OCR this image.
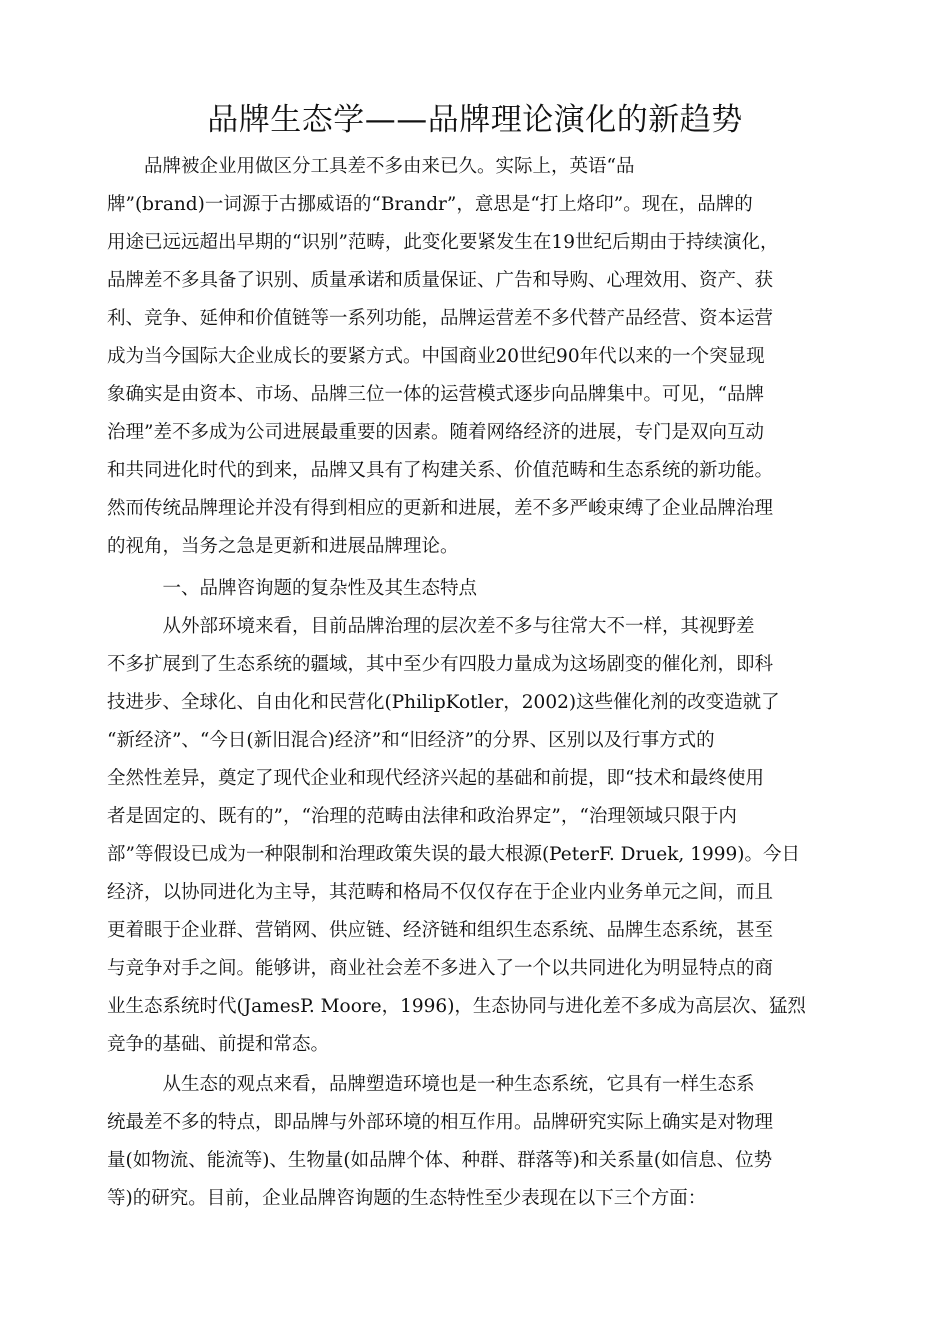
品牌生态学——品牌理论演化的新趋势
　　品牌被企业用做区分工具差不多由来已久。实际上，英语“品
牌”(brand)一词源于古挪威语的“Brandr”，意思是“打上烙印”。现在，品牌的
用途已远远超出早期的“识别”范畴，此变化要紧发生在19世纪后期由于持续演化，
品牌差不多具备了识别、质量承诺和质量保证、广告和导购、心理效用、资产、获
利、竞争、延伸和价值链等一系列功能，品牌运营差不多代替产品经营、资本运营
成为当今国际大企业成长的要紧方式。中国商业20世纪90年代以来的一个突显现
象确实是由资本、市场、品牌三位一体的运营模式逐步向品牌集中。可见，“品牌
治理”差不多成为公司进展最重要的因素。随着网络经济的进展，专门是双向互动
和共同进化时代的到来，品牌又具有了构建关系、价值范畴和生态系统的新功能。
然而传统品牌理论并没有得到相应的更新和进展，差不多严峻束缚了企业品牌治理
的视角，当务之急是更新和进展品牌理论。
　　　一、品牌咨询题的复杂性及其生态特点
　　　从外部环境来看，目前品牌治理的层次差不多与往常大不一样，其视野差
不多扩展到了生态系统的疆域，其中至少有四股力量成为这场剧变的催化剂，即科
技进步、全球化、自由化和民营化(PhilipKotler，2002)这些催化剂的改变造就了
“新经济”、“今日(新旧混合)经济”和“旧经济”的分界、区别以及行事方式的
全然性差异，奠定了现代企业和现代经济兴起的基础和前提，即“技术和最终使用
者是固定的、既有的”，“治理的范畴由法律和政治界定”，“治理领域只限于内
部”等假设已成为一种限制和治理政策失误的最大根源(PeterF. Druek, 1999)。今日
经济，以协同进化为主导，其范畴和格局不仅仅存在于企业内业务单元之间，而且
更着眼于企业群、营销网、供应链、经济链和组织生态系统、品牌生态系统，甚至
与竞争对手之间。能够讲，商业社会差不多进入了一个以共同进化为明显特点的商
业生态系统时代(JamesP. Moore，1996)，生态协同与进化差不多成为高层次、猛烈
竞争的基础、前提和常态。
　　　从生态的观点来看，品牌塑造环境也是一种生态系统，它具有一样生态系
统最差不多的特点，即品牌与外部环境的相互作用。品牌研究实际上确实是对物理
量(如物流、能流等)、生物量(如品牌个体、种群、群落等)和关系量(如信息、位势
等)的研究。目前，企业品牌咨询题的生态特性至少表现在以下三个方面：
